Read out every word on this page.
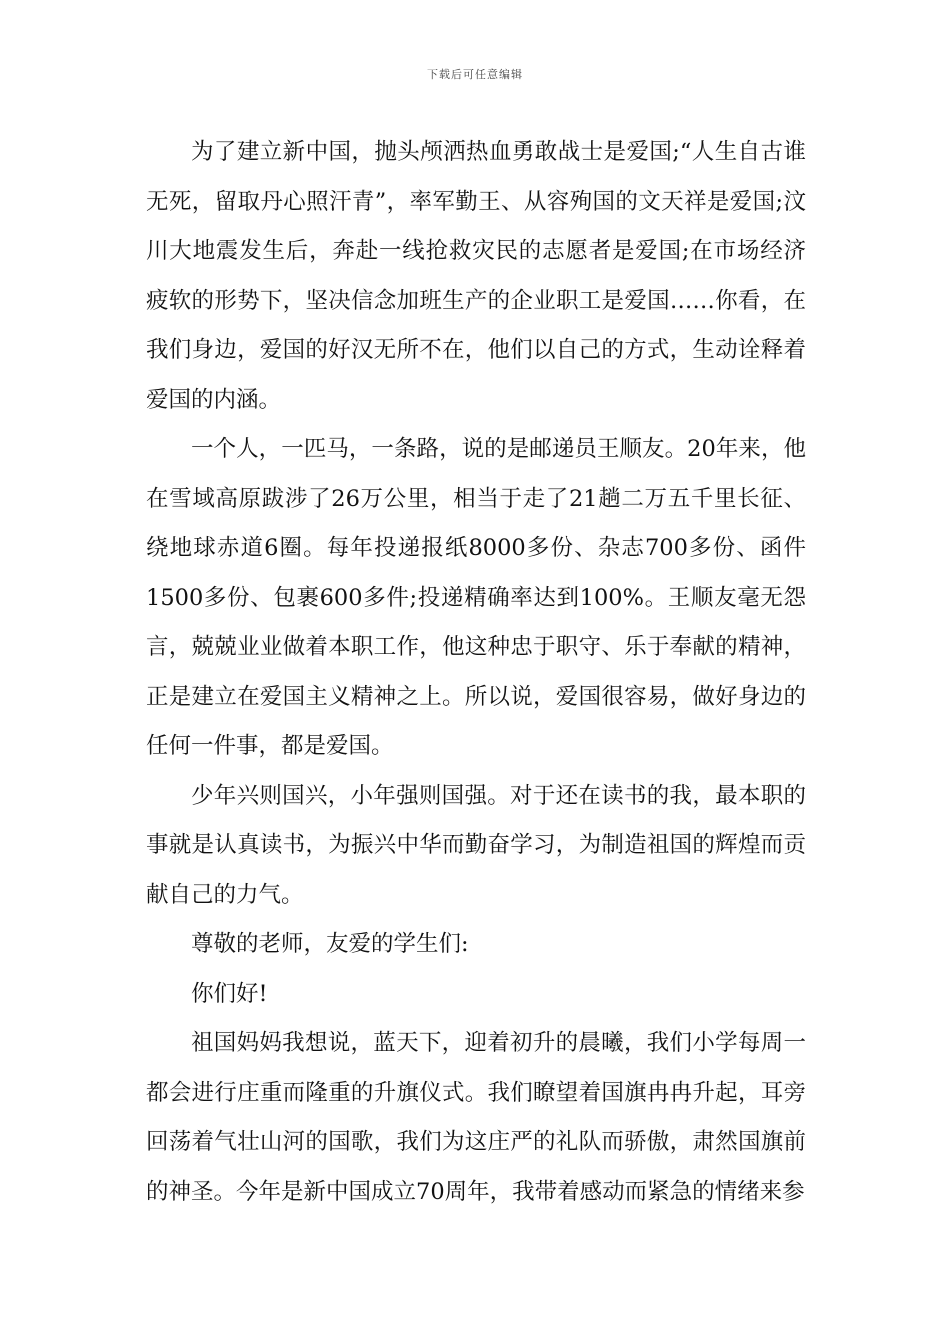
下载后可任意编辑

为了建立新中国，抛头颅洒热血勇敢战士是爱国;“人生自古谁无死，留取丹心照汗青”，率军勤王、从容殉国的文天祥是爱国;汶川大地震发生后，奔赴一线抢救灾民的志愿者是爱国;在市场经济疲软的形势下，坚决信念加班生产的企业职工是爱国……你看，在我们身边，爱国的好汉无所不在，他们以自己的方式，生动诠释着爱国的内涵。

一个人，一匹马，一条路，说的是邮递员王顺友。20年来，他在雪域高原跋涉了26万公里，相当于走了21趟二万五千里长征、绕地球赤道6圈。每年投递报纸8000多份、杂志700多份、函件1500多份、包裹600多件;投递精确率达到100%。王顺友毫无怨言，兢兢业业做着本职工作，他这种忠于职守、乐于奉献的精神，正是建立在爱国主义精神之上。所以说，爱国很容易，做好身边的任何一件事，都是爱国。

少年兴则国兴，小年强则国强。对于还在读书的我，最本职的事就是认真读书，为振兴中华而勤奋学习，为制造祖国的辉煌而贡献自己的力气。

尊敬的老师，友爱的学生们:

你们好!

祖国妈妈我想说，蓝天下，迎着初升的晨曦，我们小学每周一都会进行庄重而隆重的升旗仪式。我们瞭望着国旗冉冉升起，耳旁回荡着气壮山河的国歌，我们为这庄严的礼队而骄傲，肃然国旗前的神圣。今年是新中国成立70周年，我带着感动而紧急的情绪来参
